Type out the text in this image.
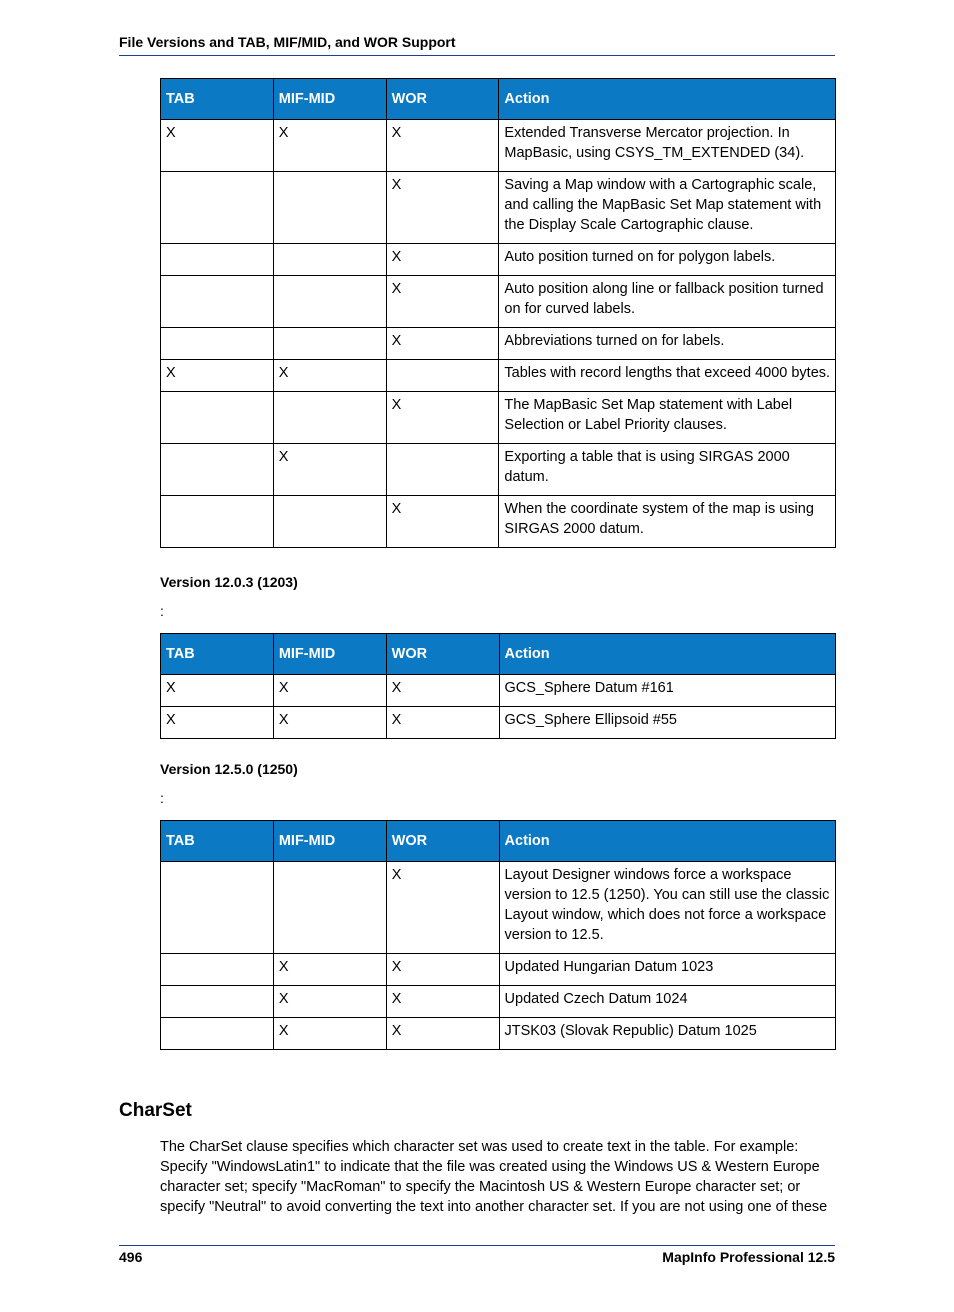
File Versions and TAB, MIF/MID, and WOR Support
TAB	MIF-MID	WOR	Action
X	X	X	Extended Transverse Mercator projection. In MapBasic, using CSYS_TM_EXTENDED (34).
		X	Saving a Map window with a Cartographic scale, and calling the MapBasic Set Map statement with the Display Scale Cartographic clause.
		X	Auto position turned on for polygon labels.
		X	Auto position along line or fallback position turned on for curved labels.
		X	Abbreviations turned on for labels.
X	X		Tables with record lengths that exceed 4000 bytes.
		X	The MapBasic Set Map statement with Label Selection or Label Priority clauses.
	X		Exporting a table that is using SIRGAS 2000 datum.
		X	When the coordinate system of the map is using SIRGAS 2000 datum.
Version 12.0.3 (1203)
:
TAB	MIF-MID	WOR	Action
X	X	X	GCS_Sphere Datum #161
X	X	X	GCS_Sphere Ellipsoid #55
Version 12.5.0 (1250)
:
TAB	MIF-MID	WOR	Action
		X	Layout Designer windows force a workspace version to 12.5 (1250). You can still use the classic Layout window, which does not force a workspace version to 12.5.
	X	X	Updated Hungarian Datum 1023
	X	X	Updated Czech Datum 1024
	X	X	JTSK03 (Slovak Republic) Datum 1025
CharSet
The CharSet clause specifies which character set was used to create text in the table. For example: Specify "WindowsLatin1" to indicate that the file was created using the Windows US & Western Europe character set; specify "MacRoman" to specify the Macintosh US & Western Europe character set; or specify "Neutral" to avoid converting the text into another character set. If you are not using one of these
496	MapInfo Professional 12.5
